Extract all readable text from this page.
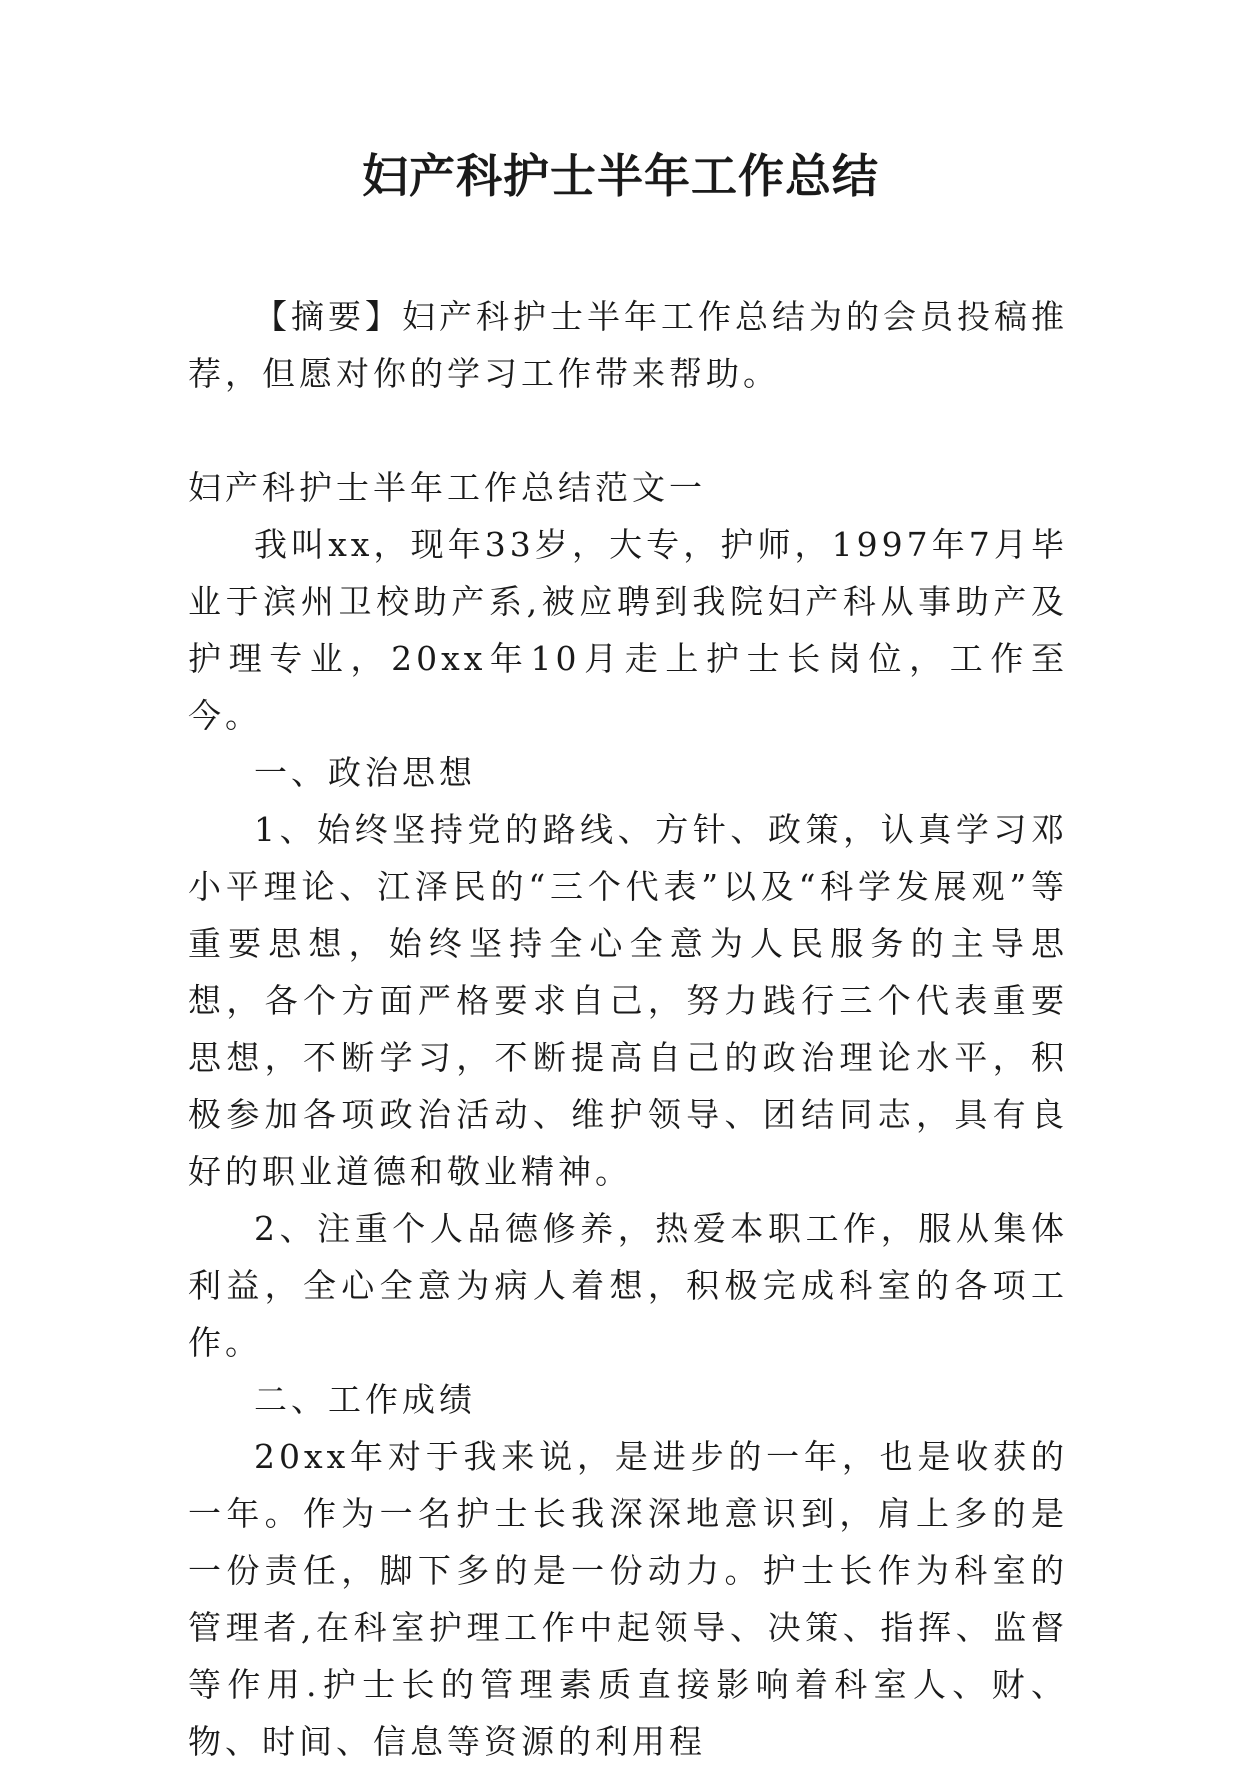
妇产科护士半年工作总结

【摘要】妇产科护士半年工作总结为的会员投稿推荐，但愿对你的学习工作带来帮助。

妇产科护士半年工作总结范文一

我叫xx，现年33岁，大专，护师，1997年7月毕业于滨州卫校助产系,被应聘到我院妇产科从事助产及护理专业，20xx年10月走上护士长岗位，工作至今。

一、政治思想

1、始终坚持党的路线、方针、政策，认真学习邓小平理论、江泽民的“三个代表”以及“科学发展观”等重要思想，始终坚持全心全意为人民服务的主导思想，各个方面严格要求自己，努力践行三个代表重要思想，不断学习，不断提高自己的政治理论水平，积极参加各项政治活动、维护领导、团结同志，具有良好的职业道德和敬业精神。

2、注重个人品德修养，热爱本职工作，服从集体利益，全心全意为病人着想，积极完成科室的各项工作。

二、工作成绩

20xx年对于我来说，是进步的一年，也是收获的一年。作为一名护士长我深深地意识到，肩上多的是一份责任，脚下多的是一份动力。护士长作为科室的管理者,在科室护理工作中起领导、决策、指挥、监督等作用.护士长的管理素质直接影响着科室人、财、物、时间、信息等资源的利用程
